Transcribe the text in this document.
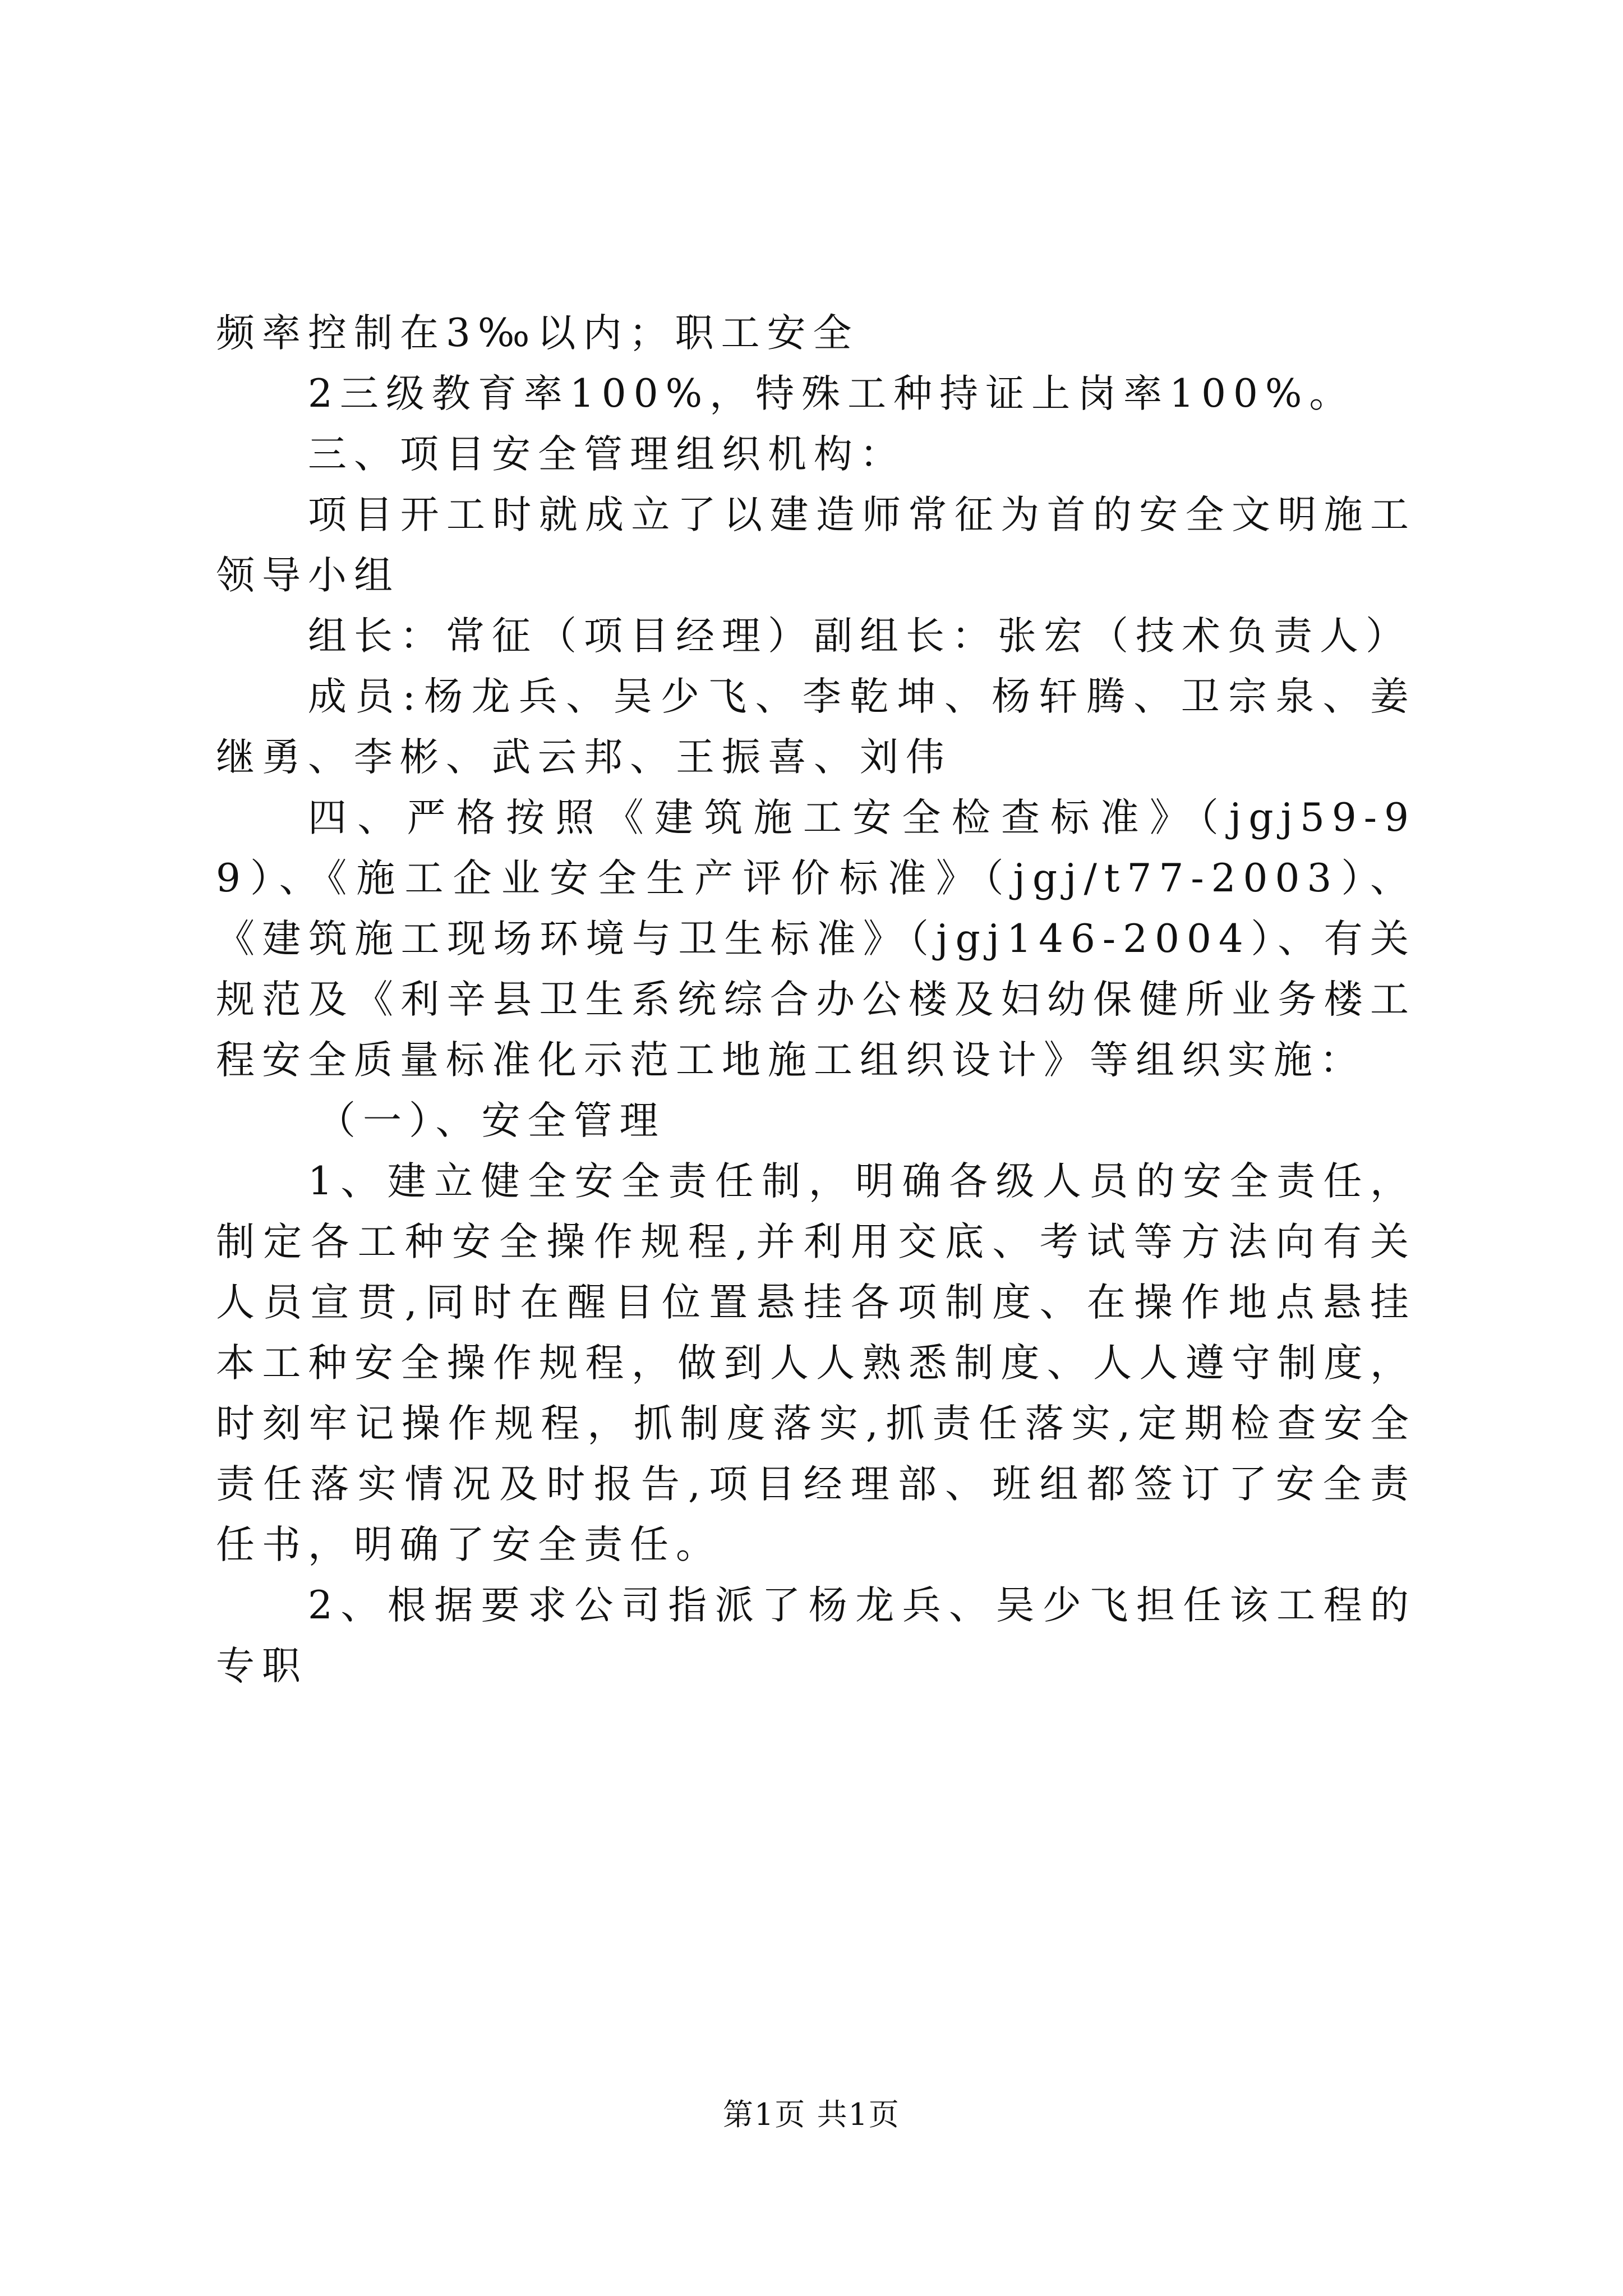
频率控制在3‰以内；职工安全

2三级教育率100%，特殊工种持证上岗率100%。

三、项目安全管理组织机构：

项目开工时就成立了以建造师常征为首的安全文明施工领导小组

组长：常征（项目经理）副组长：张宏（技术负责人）

成员:杨龙兵、吴少飞、李乾坤、杨轩腾、卫宗泉、姜继勇、李彬、武云邦、王振喜、刘伟

四、严格按照《建筑施工安全检查标准》（jgj59-99）、《施工企业安全生产评价标准》（jgj/t77-2003）、《建筑施工现场环境与卫生标准》（jgj146-2004）、有关规范及《利辛县卫生系统综合办公楼及妇幼保健所业务楼工程安全质量标准化示范工地施工组织设计》等组织实施：

（一）、安全管理

1、建立健全安全责任制，明确各级人员的安全责任，制定各工种安全操作规程,并利用交底、考试等方法向有关人员宣贯,同时在醒目位置悬挂各项制度、在操作地点悬挂本工种安全操作规程，做到人人熟悉制度、人人遵守制度，时刻牢记操作规程，抓制度落实,抓责任落实,定期检查安全责任落实情况及时报告,项目经理部、班组都签订了安全责任书，明确了安全责任。

2、根据要求公司指派了杨龙兵、吴少飞担任该工程的专职

第1页 共1页
